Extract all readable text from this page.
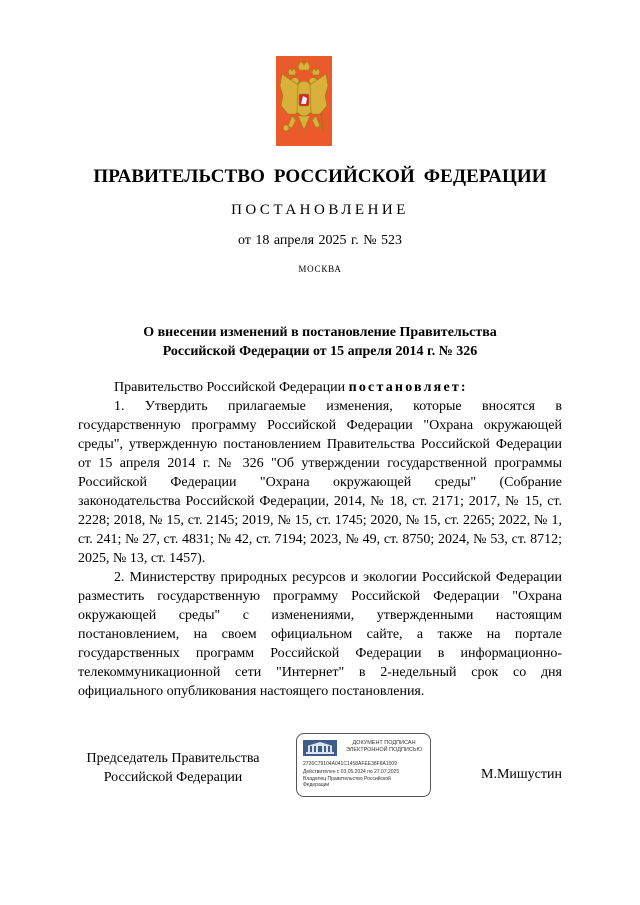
ПРАВИТЕЛЬСТВО РОССИЙСКОЙ ФЕДЕРАЦИИ
ПОСТАНОВЛЕНИЕ
от 18 апреля 2025 г. № 523
МОСКВА
О внесении изменений в постановление Правительства
Российской Федерации от 15 апреля 2014 г. № 326

Правительство Российской Федерации постановляет:

1. Утвердить прилагаемые изменения, которые вносятся в государственную программу Российской Федерации "Охрана окружающей среды", утвержденную постановлением Правительства Российской Федерации от 15 апреля 2014 г. № 326 "Об утверждении государственной программы Российской Федерации "Охрана окружающей среды" (Собрание законодательства Российской Федерации, 2014, № 18, ст. 2171; 2017, № 15, ст. 2228; 2018, № 15, ст. 2145; 2019, № 15, ст. 1745; 2020, № 15, ст. 2265; 2022, № 1, ст. 241; № 27, ст. 4831; № 42, ст. 7194; 2023, № 49, ст. 8750; 2024, № 53, ст. 8712; 2025, № 13, ст. 1457).

2. Министерству природных ресурсов и экологии Российской Федерации разместить государственную программу Российской Федерации "Охрана окружающей среды" с изменениями, утвержденными настоящим постановлением, на своем официальном сайте, а также на портале государственных программ Российской Федерации в информационно-телекоммуникационной сети "Интернет" в 2-недельный срок со дня официального опубликования настоящего постановления.

Председатель Правительства
Российской Федерации
ДОКУМЕНТ ПОДПИСАН
ЭЛЕКТРОННОЙ ПОДПИСЬЮ
2726C79104A041C1458AFEE38F8A1009
Действителен с 03.05.2024 по 27.07.2025
Владелец Правительство Российской
Федерации
М.Мишустин
